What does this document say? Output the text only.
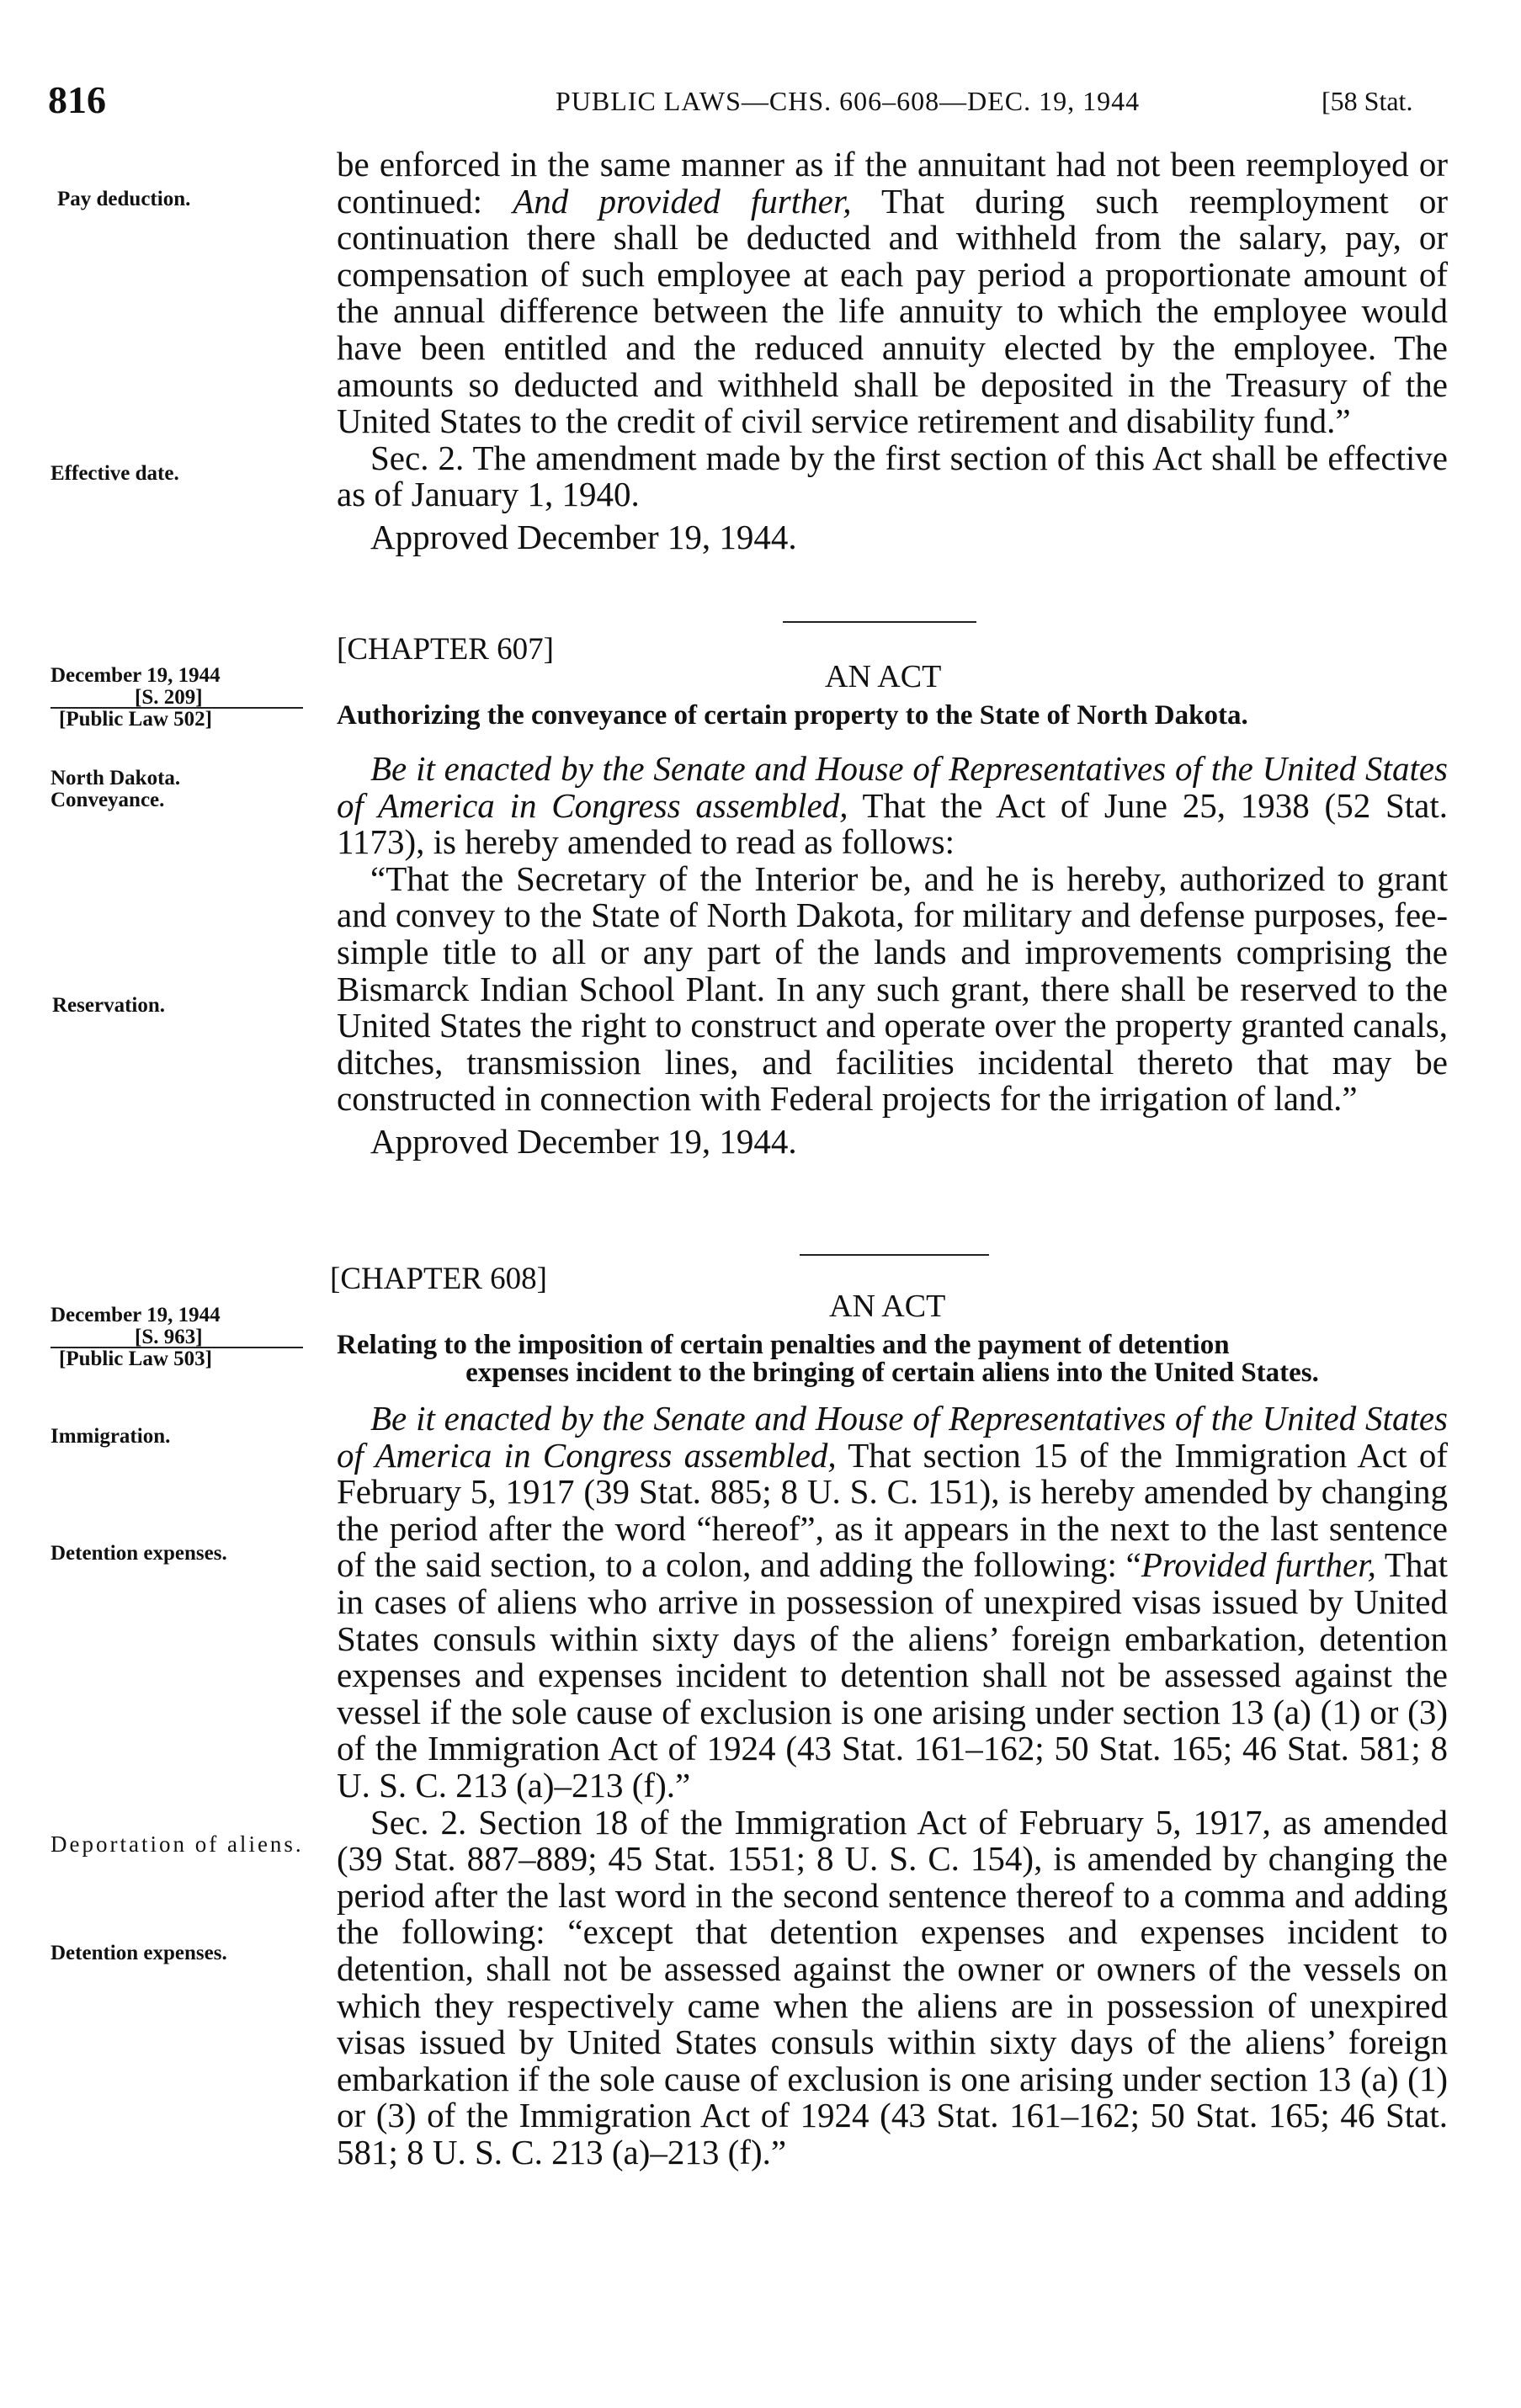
816	PUBLIC LAWS—CHS. 606–608—DEC. 19, 1944	[58 Stat.
Pay deduction.
Effective date.
December 19, 1944
[S. 209]
[Public Law 502]
North Dakota.
Conveyance.
Reservation.
December 19, 1944
[S. 963]
[Public Law 503]
Immigration.
Detention expenses.
Deportation of aliens.
Detention expenses.

be enforced in the same manner as if the annuitant had not been reemployed or continued: And provided further, That during such reemployment or continuation there shall be deducted and withheld from the salary, pay, or compensation of such employee at each pay period a proportionate amount of the annual difference between the life annuity to which the employee would have been entitled and the reduced annuity elected by the employee. The amounts so deducted and withheld shall be deposited in the Treasury of the United States to the credit of civil service retirement and disability fund.”

Sec. 2. The amendment made by the first section of this Act shall be effective as of January 1, 1940.

Approved December 19, 1944.

[CHAPTER 607]
AN ACT
Authorizing the conveyance of certain property to the State of North Dakota.

Be it enacted by the Senate and House of Representatives of the United States of America in Congress assembled, That the Act of June 25, 1938 (52 Stat. 1173), is hereby amended to read as follows:

“That the Secretary of the Interior be, and he is hereby, authorized to grant and convey to the State of North Dakota, for military and defense purposes, fee-simple title to all or any part of the lands and improvements comprising the Bismarck Indian School Plant. In any such grant, there shall be reserved to the United States the right to construct and operate over the property granted canals, ditches, transmission lines, and facilities incidental thereto that may be constructed in connection with Federal projects for the irrigation of land.”

Approved December 19, 1944.

[CHAPTER 608]
AN ACT
Relating to the imposition of certain penalties and the payment of detention
expenses incident to the bringing of certain aliens into the United States.

Be it enacted by the Senate and House of Representatives of the United States of America in Congress assembled, That section 15 of the Immigration Act of February 5, 1917 (39 Stat. 885; 8 U. S. C. 151), is hereby amended by changing the period after the word “hereof”, as it appears in the next to the last sentence of the said section, to a colon, and adding the following: “Provided further, That in cases of aliens who arrive in possession of unexpired visas issued by United States consuls within sixty days of the aliens’ foreign embarkation, detention expenses and expenses incident to detention shall not be assessed against the vessel if the sole cause of exclusion is one arising under section 13 (a) (1) or (3) of the Immigration Act of 1924 (43 Stat. 161–162; 50 Stat. 165; 46 Stat. 581; 8 U. S. C. 213 (a)–213 (f).”

Sec. 2. Section 18 of the Immigration Act of February 5, 1917, as amended (39 Stat. 887–889; 45 Stat. 1551; 8 U. S. C. 154), is amended by changing the period after the last word in the second sentence thereof to a comma and adding the following: “except that detention expenses and expenses incident to detention, shall not be assessed against the owner or owners of the vessels on which they respectively came when the aliens are in possession of unexpired visas issued by United States consuls within sixty days of the aliens’ foreign embarkation if the sole cause of exclusion is one arising under section 13 (a) (1) or (3) of the Immigration Act of 1924 (43 Stat. 161–162; 50 Stat. 165; 46 Stat. 581; 8 U. S. C. 213 (a)–213 (f).”
